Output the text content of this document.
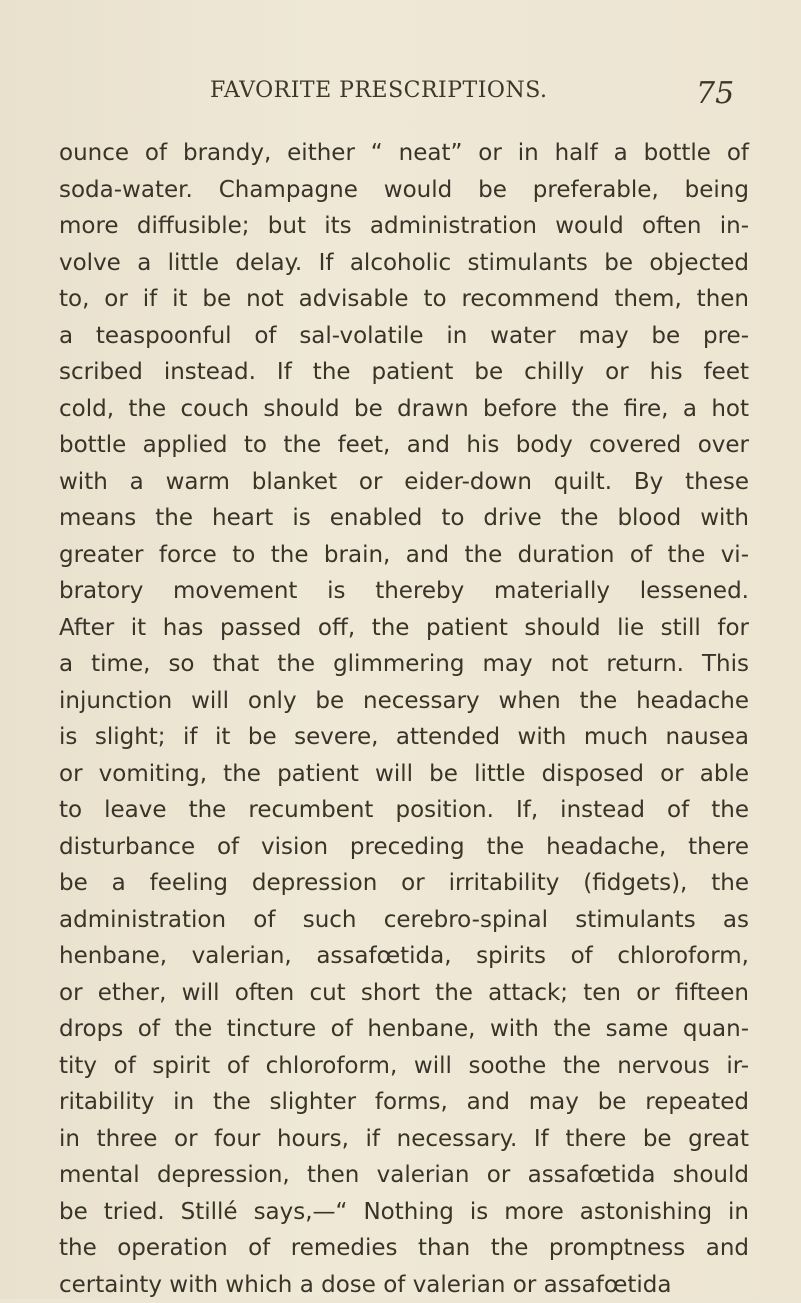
FAVORITE PRESCRIPTIONS.	75
ounce of brandy, either “ neat” or in half a bottle of
soda-water. Champagne would be preferable, being
more diffusible; but its administration would often in-
volve a little delay. If alcoholic stimulants be objected
to, or if it be not advisable to recommend them, then
a teaspoonful of sal-volatile in water may be pre-
scribed instead. If the patient be chilly or his feet
cold, the couch should be drawn before the fire, a hot
bottle applied to the feet, and his body covered over
with a warm blanket or eider-down quilt. By these
means the heart is enabled to drive the blood with
greater force to the brain, and the duration of the vi-
bratory movement is thereby materially lessened.
After it has passed off, the patient should lie still for
a time, so that the glimmering may not return. This
injunction will only be necessary when the headache
is slight; if it be severe, attended with much nausea
or vomiting, the patient will be little disposed or able
to leave the recumbent position. If, instead of the
disturbance of vision preceding the headache, there
be a feeling depression or irritability (fidgets), the
administration of such cerebro-spinal stimulants as
henbane, valerian, assafœtida, spirits of chloroform,
or ether, will often cut short the attack; ten or fifteen
drops of the tincture of henbane, with the same quan-
tity of spirit of chloroform, will soothe the nervous ir-
ritability in the slighter forms, and may be repeated
in three or four hours, if necessary. If there be great
mental depression, then valerian or assafœtida should
be tried. Stillé says,—“ Nothing is more astonishing in
the operation of remedies than the promptness and
certainty with which a dose of valerian or assafœtida
